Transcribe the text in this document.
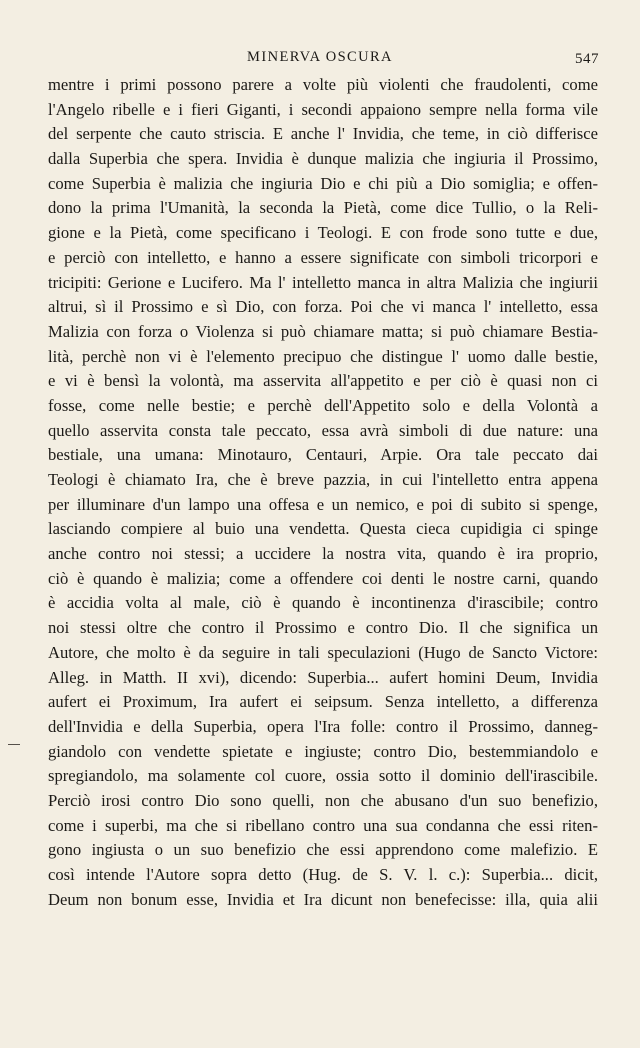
MINERVA OSCURA	547
mentre i primi possono parere a volte più violenti che fraudolenti, come
l'Angelo ribelle e i fieri Giganti, i secondi appaiono sempre nella forma vile
del serpente che cauto striscia. E anche l' Invidia, che teme, in ciò differisce
dalla Superbia che spera. Invidia è dunque malizia che ingiuria il Prossimo,
come Superbia è malizia che ingiuria Dio e chi più a Dio somiglia; e offen-
dono la prima l'Umanità, la seconda la Pietà, come dice Tullio, o la Reli-
gione e la Pietà, come specificano i Teologi. E con frode sono tutte e due,
e perciò con intelletto, e hanno a essere significate con simboli tricorpori e
tricipiti: Gerione e Lucifero. Ma l' intelletto manca in altra Malizia che ingiurii
altrui, sì il Prossimo e sì Dio, con forza. Poi che vi manca l' intelletto, essa
Malizia con forza o Violenza si può chiamare matta; si può chiamare Bestia-
lità, perchè non vi è l'elemento precipuo che distingue l' uomo dalle bestie,
e vi è bensì la volontà, ma asservita all'appetito e per ciò è quasi non ci
fosse, come nelle bestie; e perchè dell'Appetito solo e della Volontà a
quello asservita consta tale peccato, essa avrà simboli di due nature: una
bestiale, una umana: Minotauro, Centauri, Arpie. Ora tale peccato dai
Teologi è chiamato Ira, che è breve pazzia, in cui l'intelletto entra appena
per illuminare d'un lampo una offesa e un nemico, e poi di subito si spenge,
lasciando compiere al buio una vendetta. Questa cieca cupidigia ci spinge
anche contro noi stessi; a uccidere la nostra vita, quando è ira proprio,
ciò è quando è malizia; come a offendere coi denti le nostre carni, quando
è accidia volta al male, ciò è quando è incontinenza d'irascibile; contro
noi stessi oltre che contro il Prossimo e contro Dio. Il che significa un
Autore, che molto è da seguire in tali speculazioni (Hugo de Sancto Victore:
Alleg. in Matth. II xvi), dicendo: Superbia... aufert homini Deum, Invidia
aufert ei Proximum, Ira aufert ei seipsum. Senza intelletto, a differenza
dell'Invidia e della Superbia, opera l'Ira folle: contro il Prossimo, danneg-
giandolo con vendette spietate e ingiuste; contro Dio, bestemmiandolo e
spregiandolo, ma solamente col cuore, ossia sotto il dominio dell'irascibile.
Perciò irosi contro Dio sono quelli, non che abusano d'un suo benefizio,
come i superbi, ma che si ribellano contro una sua condanna che essi riten-
gono ingiusta o un suo benefizio che essi apprendono come malefizio. E
così intende l'Autore sopra detto (Hug. de S. V. l. c.): Superbia... dicit,
Deum non bonum esse, Invidia et Ira dicunt non benefecisse: illa, quia alii
